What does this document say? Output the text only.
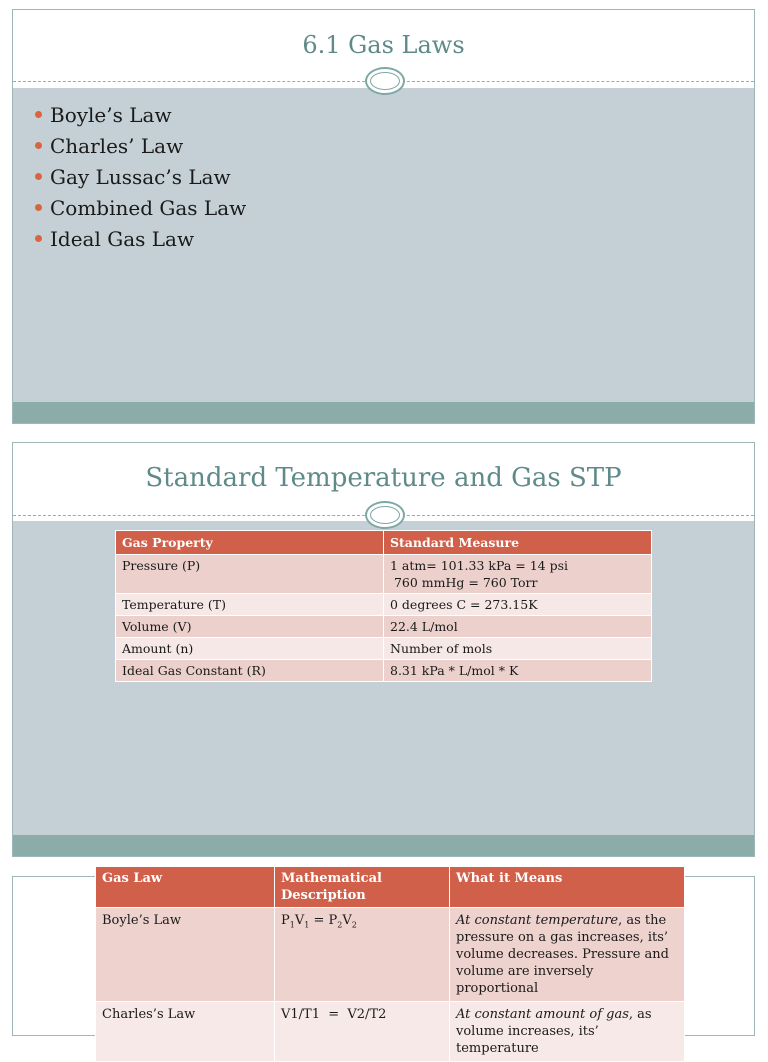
6.1 Gas Laws
Boyle’s Law
Charles’ Law
Gay Lussac’s Law
Combined Gas Law
Ideal Gas Law
Standard Temperature and Gas STP
Gas Property	Standard Measure
Pressure (P)	1 atm= 101.33 kPa = 14 psi
760 mmHg = 760 Torr

Temperature (T)	0 degrees C = 273.15K
Volume (V)	22.4 L/mol
Amount (n)	Number of mols
Ideal Gas Constant (R)	8.31 kPa * L/mol * K
Gas Law	Mathematical Description	What it Means
Boyle’s Law	$P_1V_1 = P_2V_2$	At constant temperature, as the pressure on a gas increases, its’ volume decreases. Pressure and volume are inversely proportional
Charles’s Law	V1/T1  =  V2/T2	At constant amount of gas, as volume increases, its’ temperature
